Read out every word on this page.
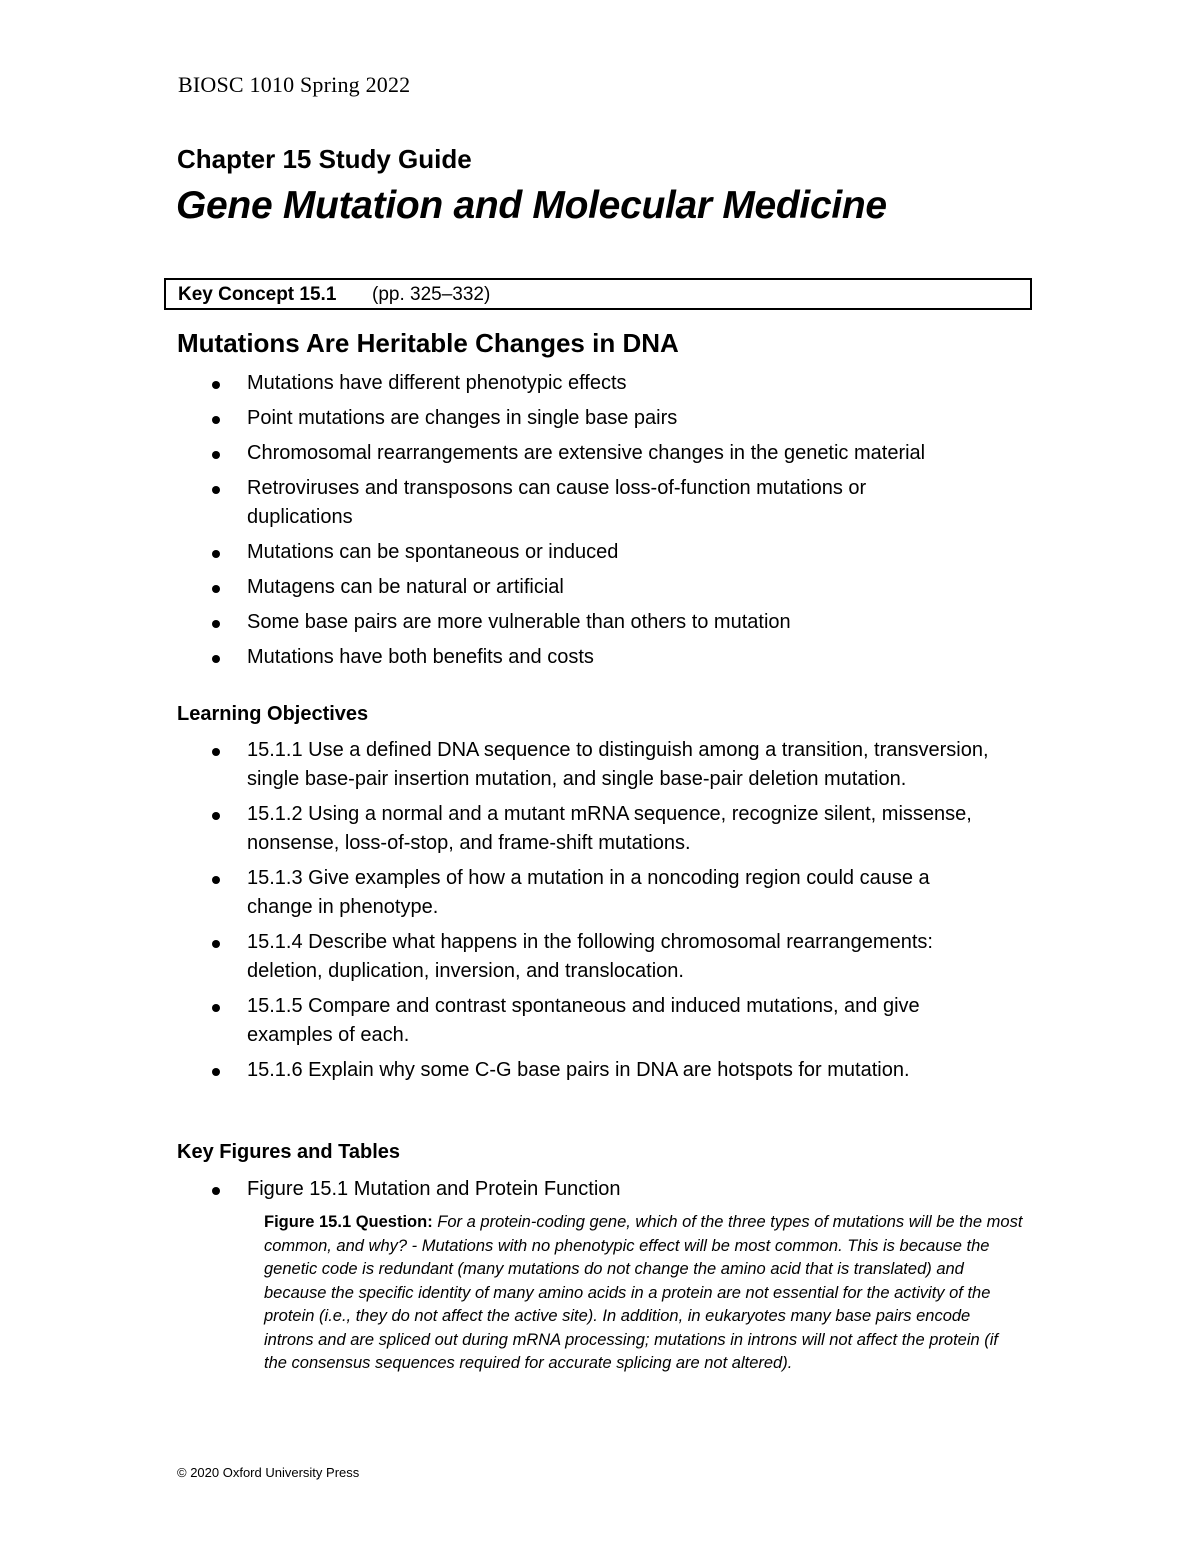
BIOSC 1010 Spring 2022
Chapter 15 Study Guide
Gene Mutation and Molecular Medicine
Key Concept 15.1 (pp. 325–332)
Mutations Are Heritable Changes in DNA
Mutations have different phenotypic effects
Point mutations are changes in single base pairs
Chromosomal rearrangements are extensive changes in the genetic material
Retroviruses and transposons can cause loss-of-function mutations or duplications
Mutations can be spontaneous or induced
Mutagens can be natural or artificial
Some base pairs are more vulnerable than others to mutation
Mutations have both benefits and costs
Learning Objectives
15.1.1 Use a defined DNA sequence to distinguish among a transition, transversion, single base-pair insertion mutation, and single base-pair deletion mutation.
15.1.2 Using a normal and a mutant mRNA sequence, recognize silent, missense, nonsense, loss-of-stop, and frame-shift mutations.
15.1.3 Give examples of how a mutation in a noncoding region could cause a change in phenotype.
15.1.4 Describe what happens in the following chromosomal rearrangements: deletion, duplication, inversion, and translocation.
15.1.5 Compare and contrast spontaneous and induced mutations, and give examples of each.
15.1.6 Explain why some C-G base pairs in DNA are hotspots for mutation.
Key Figures and Tables
Figure 15.1 Mutation and Protein Function
Figure 15.1 Question: For a protein-coding gene, which of the three types of mutations will be the most common, and why? - Mutations with no phenotypic effect will be most common. This is because the genetic code is redundant (many mutations do not change the amino acid that is translated) and because the specific identity of many amino acids in a protein are not essential for the activity of the protein (i.e., they do not affect the active site). In addition, in eukaryotes many base pairs encode introns and are spliced out during mRNA processing; mutations in introns will not affect the protein (if the consensus sequences required for accurate splicing are not altered).
© 2020 Oxford University Press
